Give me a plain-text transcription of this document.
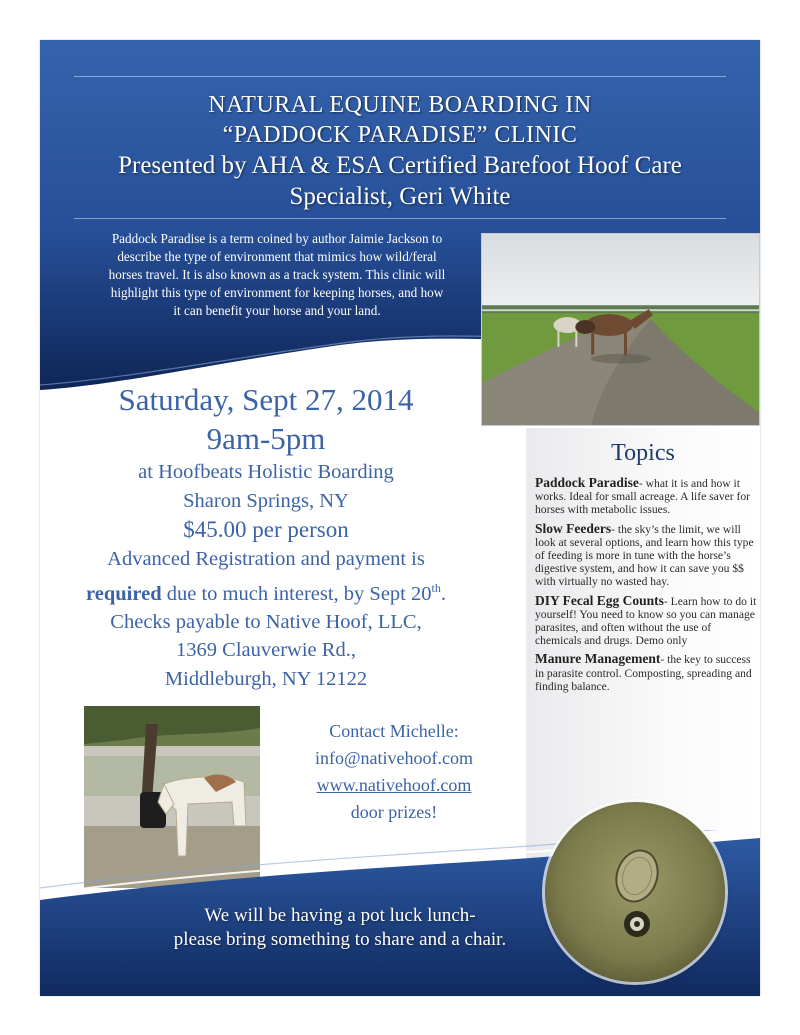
NATURAL EQUINE BOARDING IN
“PADDOCK PARADISE” CLINIC
Presented by AHA & ESA Certified Barefoot Hoof Care
Specialist, Geri White

Paddock Paradise is a term coined by author Jaimie Jackson to describe the type of environment that mimics how wild/feral horses travel. It is also known as a track system. This clinic will highlight this type of environment for keeping horses, and how it can benefit your horse and your land.

Saturday, Sept 27, 2014
9am-5pm
at Hoofbeats Holistic Boarding
Sharon Springs, NY
$45.00 per person
Advanced Registration and payment is
required due to much interest, by Sept 20th.
Checks payable to Native Hoof, LLC,
1369 Clauverwie Rd.,
Middleburgh, NY 12122
Topics
Paddock Paradise- what it is and how it works. Ideal for small acreage. A life saver for horses with metabolic issues.
Slow Feeders- the sky’s the limit, we will look at several options, and learn how this type of feeding is more in tune with the horse’s digestive system, and how it can save you $$ with virtually no wasted hay.
DIY Fecal Egg Counts- Learn how to do it yourself! You need to know so you can manage parasites, and often without the use of chemicals and drugs. Demo only
Manure Management- the key to success in parasite control. Composting, spreading and finding balance.
Contact Michelle:
info@nativehoof.com
www.nativehoof.com
door prizes!
We will be having a pot luck lunch-
please bring something to share and a chair.
